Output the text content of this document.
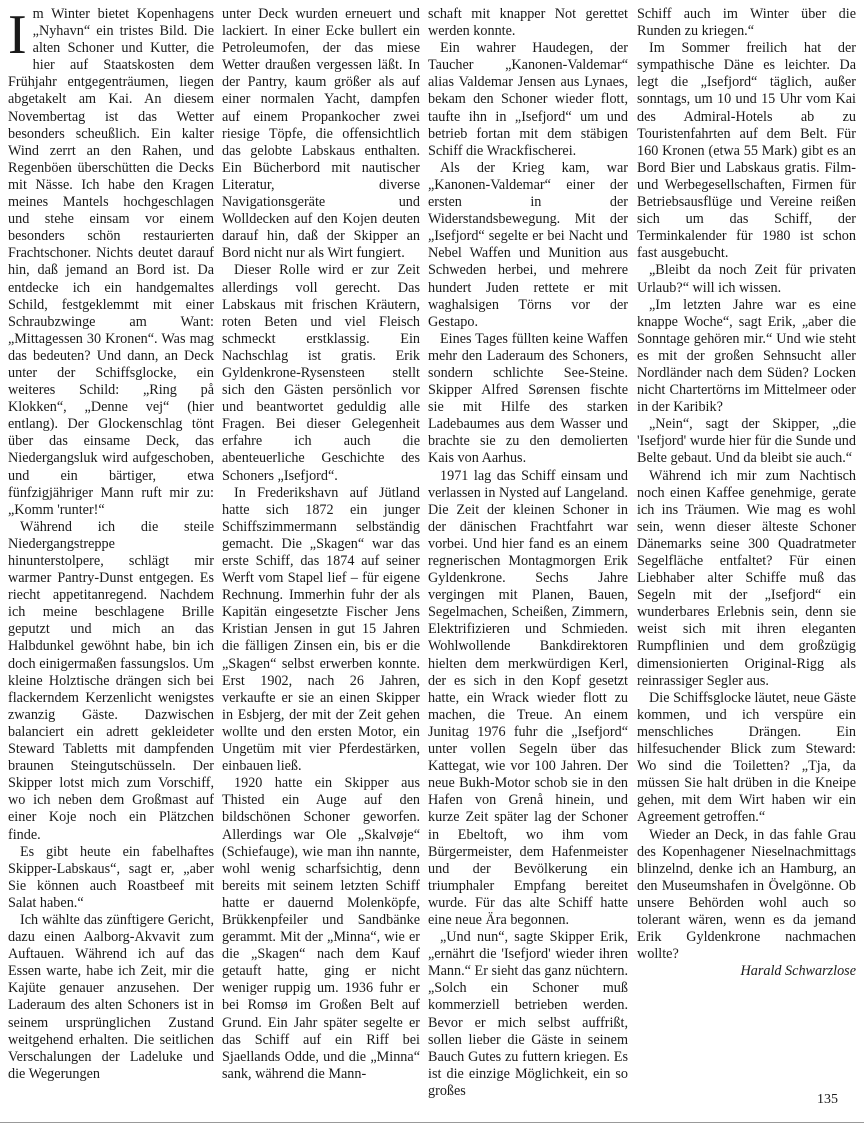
Im Winter bietet Kopenhagens „Nyhavn“ ein tristes Bild. Die alten Schoner und Kutter, die hier auf Staatskosten dem Frühjahr entgegenträumen, liegen abgetakelt am Kai. An diesem Novembertag ist das Wetter besonders scheußlich. Ein kalter Wind zerrt an den Rahen, und Regenböen überschütten die Decks mit Nässe. Ich habe den Kragen meines Mantels hochgeschlagen und stehe einsam vor einem besonders schön restaurierten Frachtschoner. Nichts deutet darauf hin, daß jemand an Bord ist. Da entdecke ich ein handgemaltes Schild, festgeklemmt mit einer Schraubzwinge am Want: „Mittagessen 30 Kronen“. Was mag das bedeuten? Und dann, an Deck unter der Schiffsglocke, ein weiteres Schild: „Ring på Klokken“, „Denne vej“ (hier entlang). Der Glockenschlag tönt über das einsame Deck, das Niedergangsluk wird aufgeschoben, und ein bärtiger, etwa fünfzigjähriger Mann ruft mir zu: „Komm 'runter!“

Während ich die steile Niedergangstreppe hinunterstolpere, schlägt mir warmer Pantry-Dunst entgegen. Es riecht appetitanregend. Nachdem ich meine beschlagene Brille geputzt und mich an das Halbdunkel gewöhnt habe, bin ich doch einigermaßen fassungslos. Um kleine Holztische drängen sich bei flackerndem Kerzenlicht wenigstes zwanzig Gäste. Dazwischen balanciert ein adrett gekleideter Steward Tabletts mit dampfenden braunen Steingutschüsseln. Der Skipper lotst mich zum Vorschiff, wo ich neben dem Großmast auf einer Koje noch ein Plätzchen finde.

Es gibt heute ein fabelhaftes Skipper-Labskaus“, sagt er, „aber Sie können auch Roastbeef mit Salat haben.“

Ich wählte das zünftigere Gericht, dazu einen Aalborg-Akvavit zum Auftauen. Während ich auf das Essen warte, habe ich Zeit, mir die Kajüte genauer anzusehen. Der Laderaum des alten Schoners ist in seinem ursprünglichen Zustand weitgehend erhalten. Die seitlichen Verschalungen der Ladeluke und die Wegerungen

unter Deck wurden erneuert und lackiert. In einer Ecke bullert ein Petroleumofen, der das miese Wetter draußen vergessen läßt. In der Pantry, kaum größer als auf einer normalen Yacht, dampfen auf einem Propankocher zwei riesige Töpfe, die offensichtlich das gelobte Labskaus enthalten. Ein Bücherbord mit nautischer Literatur, diverse Navigationsgeräte und Wolldecken auf den Kojen deuten darauf hin, daß der Skipper an Bord nicht nur als Wirt fungiert.

Dieser Rolle wird er zur Zeit allerdings voll gerecht. Das Labskaus mit frischen Kräutern, roten Beten und viel Fleisch schmeckt erstklassig. Ein Nachschlag ist gratis. Erik Gyldenkrone-Rysensteen stellt sich den Gästen persönlich vor und beantwortet geduldig alle Fragen. Bei dieser Gelegenheit erfahre ich auch die abenteuerliche Geschichte des Schoners „Isefjord“.

In Frederikshavn auf Jütland hatte sich 1872 ein junger Schiffszimmermann selbständig gemacht. Die „Skagen“ war das erste Schiff, das 1874 auf seiner Werft vom Stapel lief – für eigene Rechnung. Immerhin fuhr der als Kapitän eingesetzte Fischer Jens Kristian Jensen in gut 15 Jahren die fälligen Zinsen ein, bis er die „Skagen“ selbst erwerben konnte. Erst 1902, nach 26 Jahren, verkaufte er sie an einen Skipper in Esbjerg, der mit der Zeit gehen wollte und den ersten Motor, ein Ungetüm mit vier Pferdestärken, einbauen ließ.

1920 hatte ein Skipper aus Thisted ein Auge auf den bildschönen Schoner geworfen. Allerdings war Ole „Skalvøje“ (Schiefauge), wie man ihn nannte, wohl wenig scharfsichtig, denn bereits mit seinem letzten Schiff hatte er dauernd Molenköpfe, Brükkenpfeiler und Sandbänke gerammt. Mit der „Minna“, wie er die „Skagen“ nach dem Kauf getauft hatte, ging er nicht weniger ruppig um. 1936 fuhr er bei Romsø im Großen Belt auf Grund. Ein Jahr später segelte er das Schiff auf ein Riff bei Sjaellands Odde, und die „Minna“ sank, während die Mann-

schaft mit knapper Not gerettet werden konnte.

Ein wahrer Haudegen, der Taucher „Kanonen-Valdemar“ alias Valdemar Jensen aus Lynaes, bekam den Schoner wieder flott, taufte ihn in „Isefjord“ um und betrieb fortan mit dem stäbigen Schiff die Wrackfischerei.

Als der Krieg kam, war „Kanonen-Valdemar“ einer der ersten in der Widerstandsbewegung. Mit der „Isefjord“ segelte er bei Nacht und Nebel Waffen und Munition aus Schweden herbei, und mehrere hundert Juden rettete er mit waghalsigen Törns vor der Gestapo.

Eines Tages füllten keine Waffen mehr den Laderaum des Schoners, sondern schlichte See-Steine. Skipper Alfred Sørensen fischte sie mit Hilfe des starken Ladebaumes aus dem Wasser und brachte sie zu den demolierten Kais von Aarhus.

1971 lag das Schiff einsam und verlassen in Nysted auf Langeland. Die Zeit der kleinen Schoner in der dänischen Frachtfahrt war vorbei. Und hier fand es an einem regnerischen Montagmorgen Erik Gyldenkrone. Sechs Jahre vergingen mit Planen, Bauen, Segelmachen, Scheißen, Zimmern, Elektrifizieren und Schmieden. Wohlwollende Bankdirektoren hielten dem merkwürdigen Kerl, der es sich in den Kopf gesetzt hatte, ein Wrack wieder flott zu machen, die Treue. An einem Junitag 1976 fuhr die „Isefjord“ unter vollen Segeln über das Kattegat, wie vor 100 Jahren. Der neue Bukh-Motor schob sie in den Hafen von Grenå hinein, und kurze Zeit später lag der Schoner in Ebeltoft, wo ihm vom Bürgermeister, dem Hafenmeister und der Bevölkerung ein triumphaler Empfang bereitet wurde. Für das alte Schiff hatte eine neue Ära begonnen.

„Und nun“, sagte Skipper Erik, „ernährt die 'Isefjord' wieder ihren Mann.“ Er sieht das ganz nüchtern. „Solch ein Schoner muß kommerziell betrieben werden. Bevor er mich selbst auffrißt, sollen lieber die Gäste in seinem Bauch Gutes zu futtern kriegen. Es ist die einzige Möglichkeit, ein so großes

Schiff auch im Winter über die Runden zu kriegen.“

Im Sommer freilich hat der sympathische Däne es leichter. Da legt die „Isefjord“ täglich, außer sonntags, um 10 und 15 Uhr vom Kai des Admiral-Hotels ab zu Touristenfahrten auf dem Belt. Für 160 Kronen (etwa 55 Mark) gibt es an Bord Bier und Labskaus gratis. Film- und Werbegesellschaften, Firmen für Betriebsausflüge und Vereine reißen sich um das Schiff, der Terminkalender für 1980 ist schon fast ausgebucht.

„Bleibt da noch Zeit für privaten Urlaub?“ will ich wissen.

„Im letzten Jahre war es eine knappe Woche“, sagt Erik, „aber die Sonntage gehören mir.“ Und wie steht es mit der großen Sehnsucht aller Nordländer nach dem Süden? Locken nicht Chartertörns im Mittelmeer oder in der Karibik?

„Nein“, sagt der Skipper, „die 'Isefjord' wurde hier für die Sunde und Belte gebaut. Und da bleibt sie auch.“

Während ich mir zum Nachtisch noch einen Kaffee genehmige, gerate ich ins Träumen. Wie mag es wohl sein, wenn dieser älteste Schoner Dänemarks seine 300 Quadratmeter Segelfläche entfaltet? Für einen Liebhaber alter Schiffe muß das Segeln mit der „Isefjord“ ein wunderbares Erlebnis sein, denn sie weist sich mit ihren eleganten Rumpflinien und dem großzügig dimensionierten Original-Rigg als reinrassiger Segler aus.

Die Schiffsglocke läutet, neue Gäste kommen, und ich verspüre ein menschliches Drängen. Ein hilfesuchender Blick zum Steward: Wo sind die Toiletten? „Tja, da müssen Sie halt drüben in die Kneipe gehen, mit dem Wirt haben wir ein Agreement getroffen.“

Wieder an Deck, in das fahle Grau des Kopenhagener Nieselnachmittags blinzelnd, denke ich an Hamburg, an den Museumshafen in Övelgönne. Ob unsere Behörden wohl auch so tolerant wären, wenn es da jemand Erik Gyldenkrone nachmachen wollte?

Harald Schwarzlose

135
